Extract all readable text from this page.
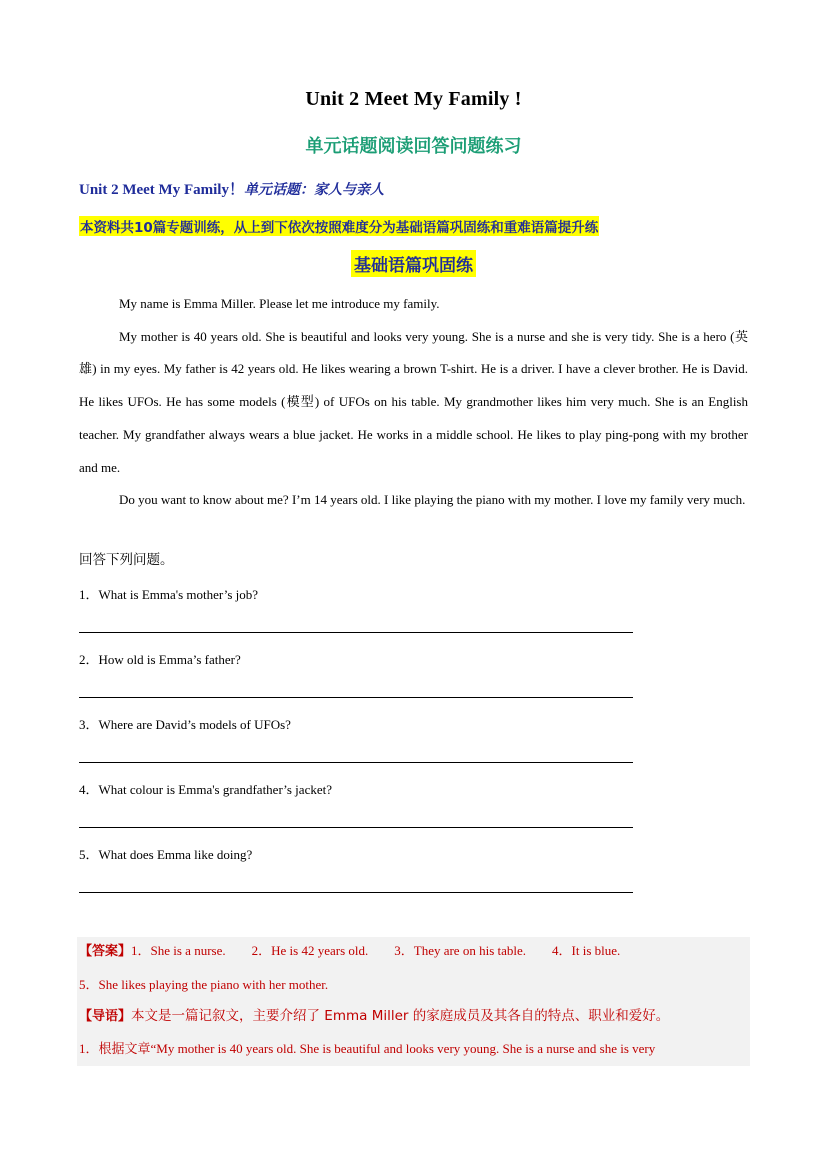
Unit 2 Meet My Family !
单元话题阅读回答问题练习
Unit 2 Meet My Family！单元话题：家人与亲人
本资料共10篇专题训练，从上到下依次按照难度分为基础语篇巩固练和重难语篇提升练
基础语篇巩固练

My name is Emma Miller. Please let me introduce my family.

My mother is 40 years old. She is beautiful and looks very young. She is a nurse and she is very tidy. She is a hero (英雄) in my eyes. My father is 42 years old. He likes wearing a brown T-shirt. He is a driver. I have a clever brother. He is David. He likes UFOs. He has some models (模型) of UFOs on his table. My grandmother likes him very much. She is an English teacher. My grandfather always wears a blue jacket. He works in a middle school. He likes to play ping-pong with my brother and me.

Do you want to know about me? I’m 14 years old. I like playing the piano with my mother. I love my family very much.

回答下列问题。
1．What is Emma's mother’s job?
2．How old is Emma’s father?
3．Where are David’s models of UFOs?
4．What colour is Emma's grandfather’s jacket?
5．What does Emma like doing?
【答案】1．She is a nurse. 2．He is 42 years old. 3．They are on his table. 4．It is blue.5．She likes playing the piano with her mother.
【导语】本文是一篇记叙文，主要介绍了 Emma Miller 的家庭成员及其各自的特点、职业和爱好。
1．根据文章“My mother is 40 years old. She is beautiful and looks very young. She is a nurse and she is very
